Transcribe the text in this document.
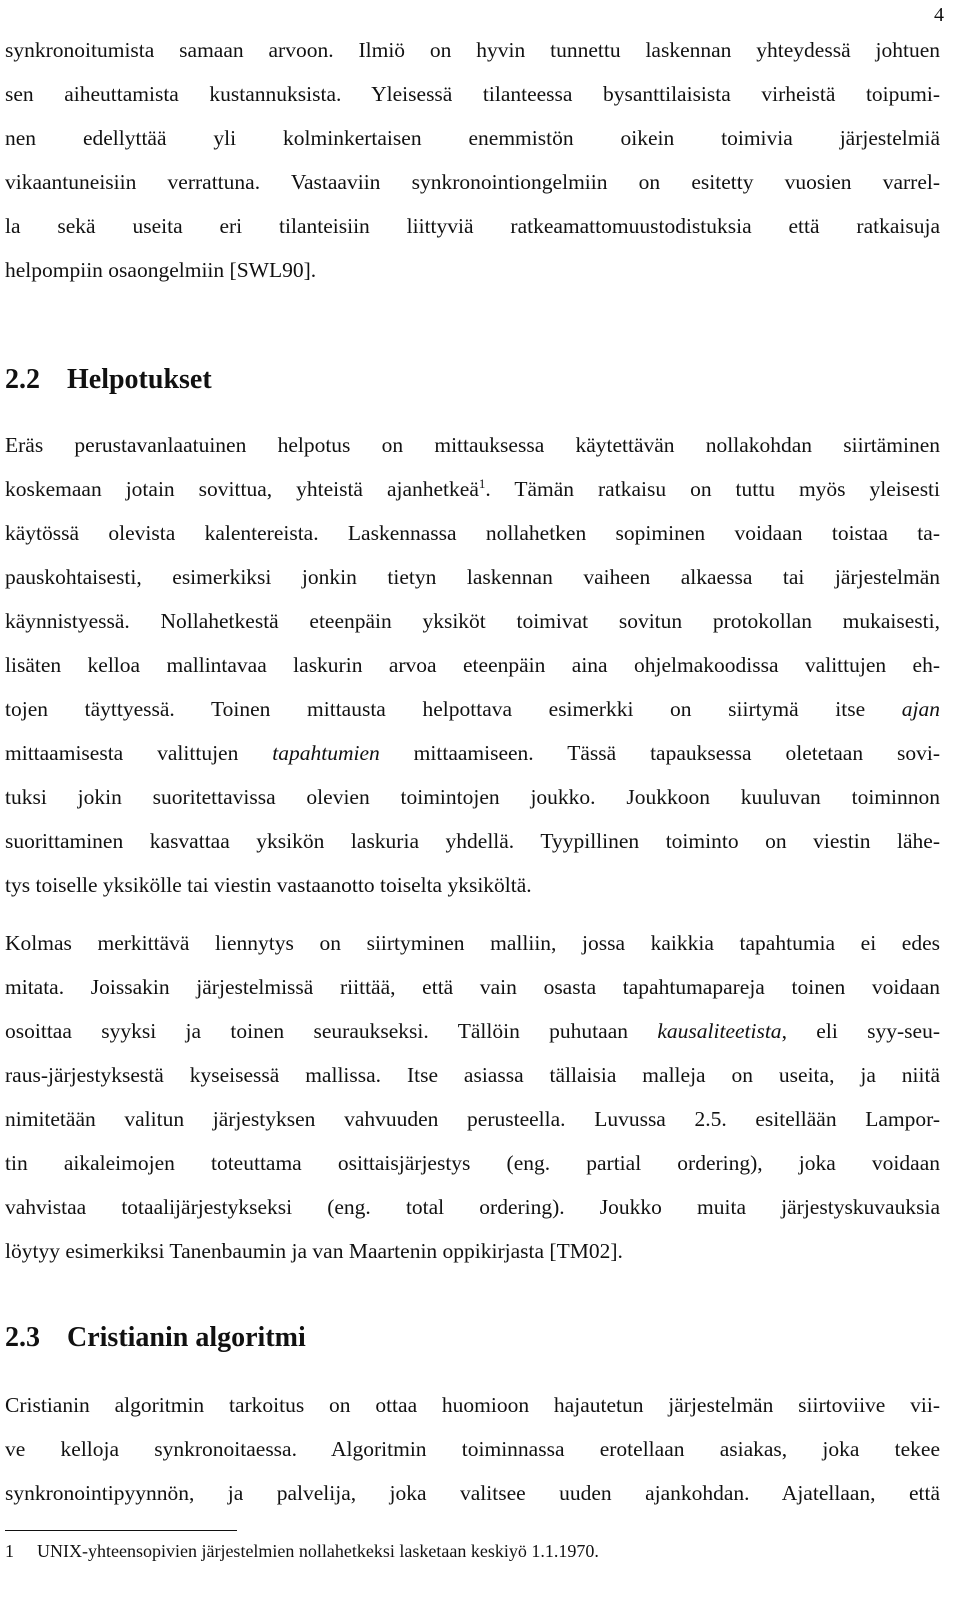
4

synkronoitumista samaan arvoon. Ilmiö on hyvin tunnettu laskennan yhteydessä johtuen
sen aiheuttamista kustannuksista. Yleisessä tilanteessa bysanttilaisista virheistä toipumi-
nen edellyttää yli kolminkertaisen enemmistön oikein toimivia järjestelmiä
vikaantuneisiin verrattuna. Vastaaviin synkronointiongelmiin on esitetty vuosien varrel-
la sekä useita eri tilanteisiin liittyviä ratkeamattomuustodistuksia että ratkaisuja
helpompiin osaongelmiin [SWL90].

2.2 Helpotukset

Eräs perustavanlaatuinen helpotus on mittauksessa käytettävän nollakohdan siirtäminen
koskemaan jotain sovittua, yhteistä ajanhetkeä$^1$. Tämän ratkaisu on tuttu myös yleisesti
käytössä olevista kalentereista. Laskennassa nollahetken sopiminen voidaan toistaa ta-
pauskohtaisesti, esimerkiksi jonkin tietyn laskennan vaiheen alkaessa tai järjestelmän
käynnistyessä. Nollahetkestä eteenpäin yksiköt toimivat sovitun protokollan mukaisesti,
lisäten kelloa mallintavaa laskurin arvoa eteenpäin aina ohjelmakoodissa valittujen eh-
tojen täyttyessä. Toinen mittausta helpottava esimerkki on siirtymä itse ajan
mittaamisesta valittujen tapahtumien mittaamiseen. Tässä tapauksessa oletetaan sovi-
tuksi jokin suoritettavissa olevien toimintojen joukko. Joukkoon kuuluvan toiminnon
suorittaminen kasvattaa yksikön laskuria yhdellä. Tyypillinen toiminto on viestin lähe-
tys toiselle yksikölle tai viestin vastaanotto toiselta yksiköltä.

Kolmas merkittävä liennytys on siirtyminen malliin, jossa kaikkia tapahtumia ei edes
mitata. Joissakin järjestelmissä riittää, että vain osasta tapahtumapareja toinen voidaan
osoittaa syyksi ja toinen seuraukseksi. Tällöin puhutaan kausaliteetista, eli syy-seu-
raus-järjestyksestä kyseisessä mallissa. Itse asiassa tällaisia malleja on useita, ja niitä
nimitetään valitun järjestyksen vahvuuden perusteella. Luvussa 2.5. esitellään Lampor-
tin aikaleimojen toteuttama osittaisjärjestys (eng. partial ordering), joka voidaan
vahvistaa totaalijärjestykseksi (eng. total ordering). Joukko muita järjestyskuvauksia
löytyy esimerkiksi Tanenbaumin ja van Maartenin oppikirjasta [TM02].

2.3 Cristianin algoritmi

Cristianin algoritmin tarkoitus on ottaa huomioon hajautetun järjestelmän siirtoviive vii-
ve kelloja synkronoitaessa. Algoritmin toiminnassa erotellaan asiakas, joka tekee
synkronointipyynnön, ja palvelija, joka valitsee uuden ajankohdan. Ajatellaan, että

1 UNIX-yhteensopivien järjestelmien nollahetkeksi lasketaan keskiyö 1.1.1970.
